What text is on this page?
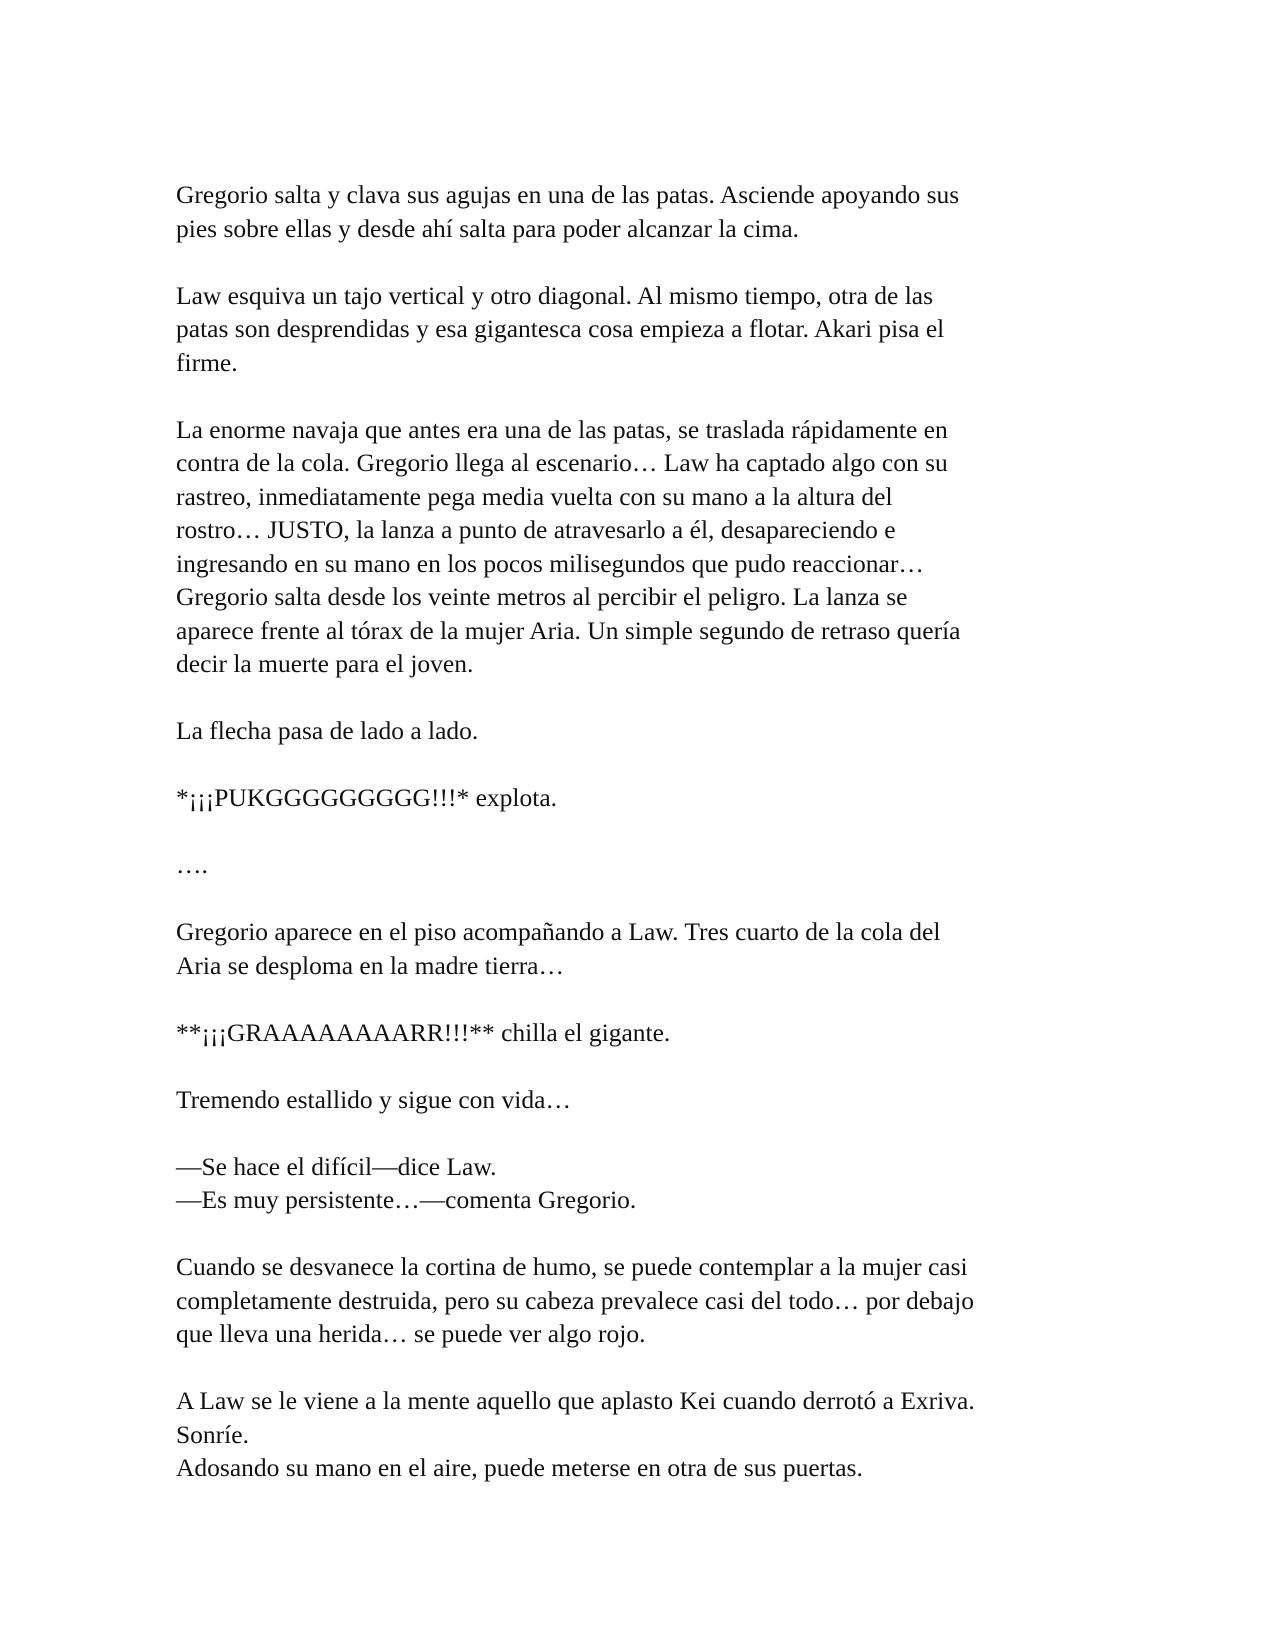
Gregorio salta y clava sus agujas en una de las patas. Asciende apoyando sus
pies sobre ellas y desde ahí salta para poder alcanzar la cima.

Law esquiva un tajo vertical y otro diagonal. Al mismo tiempo, otra de las
patas son desprendidas y esa gigantesca cosa empieza a flotar. Akari pisa el
firme.

La enorme navaja que antes era una de las patas, se traslada rápidamente en
contra de la cola. Gregorio llega al escenario… Law ha captado algo con su
rastreo, inmediatamente pega media vuelta con su mano a la altura del
rostro… JUSTO, la lanza a punto de atravesarlo a él, desapareciendo e
ingresando en su mano en los pocos milisegundos que pudo reaccionar…
Gregorio salta desde los veinte metros al percibir el peligro. La lanza se
aparece frente al tórax de la mujer Aria. Un simple segundo de retraso quería
decir la muerte para el joven.

La flecha pasa de lado a lado.

*¡¡¡PUKGGGGGGGGG!!!* explota.

….

Gregorio aparece en el piso acompañando a Law. Tres cuarto de la cola del
Aria se desploma en la madre tierra…

**¡¡¡GRAAAAAAAARR!!!** chilla el gigante.

Tremendo estallido y sigue con vida…

—Se hace el difícil—dice Law.
—Es muy persistente…—comenta Gregorio.

Cuando se desvanece la cortina de humo, se puede contemplar a la mujer casi
completamente destruida, pero su cabeza prevalece casi del todo… por debajo
que lleva una herida… se puede ver algo rojo.

A Law se le viene a la mente aquello que aplasto Kei cuando derrotó a Exriva.
Sonríe.
Adosando su mano en el aire, puede meterse en otra de sus puertas.
